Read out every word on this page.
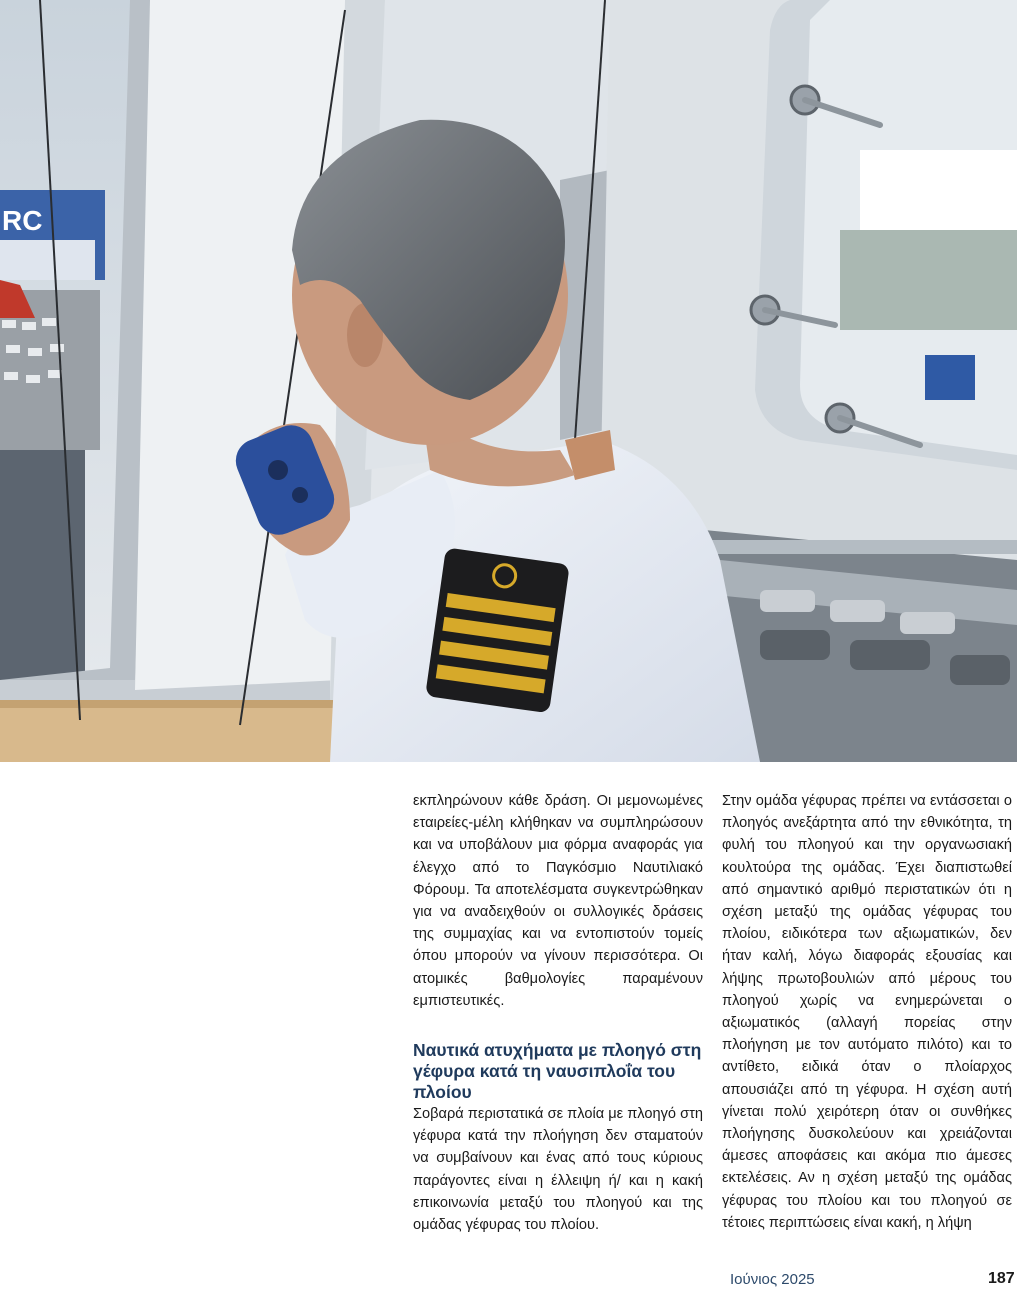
RC

εκπληρώνουν κάθε δράση. Οι μεμονωμένες εταιρείες-μέλη κλήθηκαν να συμπληρώσουν και να υποβάλουν μια φόρμα αναφοράς για έλεγχο από το Παγκόσμιο Ναυτιλιακό Φόρουμ. Τα αποτελέσματα συγκεντρώθηκαν για να αναδειχθούν οι συλλογικές δράσεις της συμμαχίας και να εντοπιστούν τομείς όπου μπορούν να γίνουν περισσότερα. Οι ατομικές βαθμολογίες παραμένουν εμπιστευτικές.

Ναυτικά ατυχήματα με πλοηγό στη γέφυρα κατά τη ναυσιπλοΐα του πλοίου

Σοβαρά περιστατικά σε πλοία με πλοηγό στη γέφυρα κατά την πλοήγηση δεν σταματούν να συμβαίνουν και ένας από τους κύριους παράγοντες είναι η έλλειψη ή/ και η κακή επικοινωνία μεταξύ του πλοηγού και της ομάδας γέφυρας του πλοίου.

Στην ομάδα γέφυρας πρέπει να εντάσσεται ο πλοηγός ανεξάρτητα από την εθνικότητα, τη φυλή του πλοηγού και την οργανωσιακή κουλτούρα της ομάδας. Έχει διαπιστωθεί από σημαντικό αριθμό περιστατικών ότι η σχέση μεταξύ της ομάδας γέφυρας του πλοίου, ειδικότερα των αξιωματικών, δεν ήταν καλή, λόγω διαφοράς εξουσίας και λήψης πρωτοβουλιών από μέρους του πλοηγού χωρίς να ενημερώνεται ο αξιωματικός (αλλαγή πορείας στην πλοήγηση με τον αυτόματο πιλότο) και το αντίθετο, ειδικά όταν ο πλοίαρχος απουσιάζει από τη γέφυρα. Η σχέση αυτή γίνεται πολύ χειρότερη όταν οι συνθήκες πλοήγησης δυσκολεύουν και χρειάζονται άμεσες αποφάσεις και ακόμα πιο άμεσες εκτελέσεις. Αν η σχέση μεταξύ της ομάδας γέφυρας του πλοίου και του πλοηγού σε τέτοιες περιπτώσεις είναι κακή, η λήψη

Ιούνιος 2025	187
